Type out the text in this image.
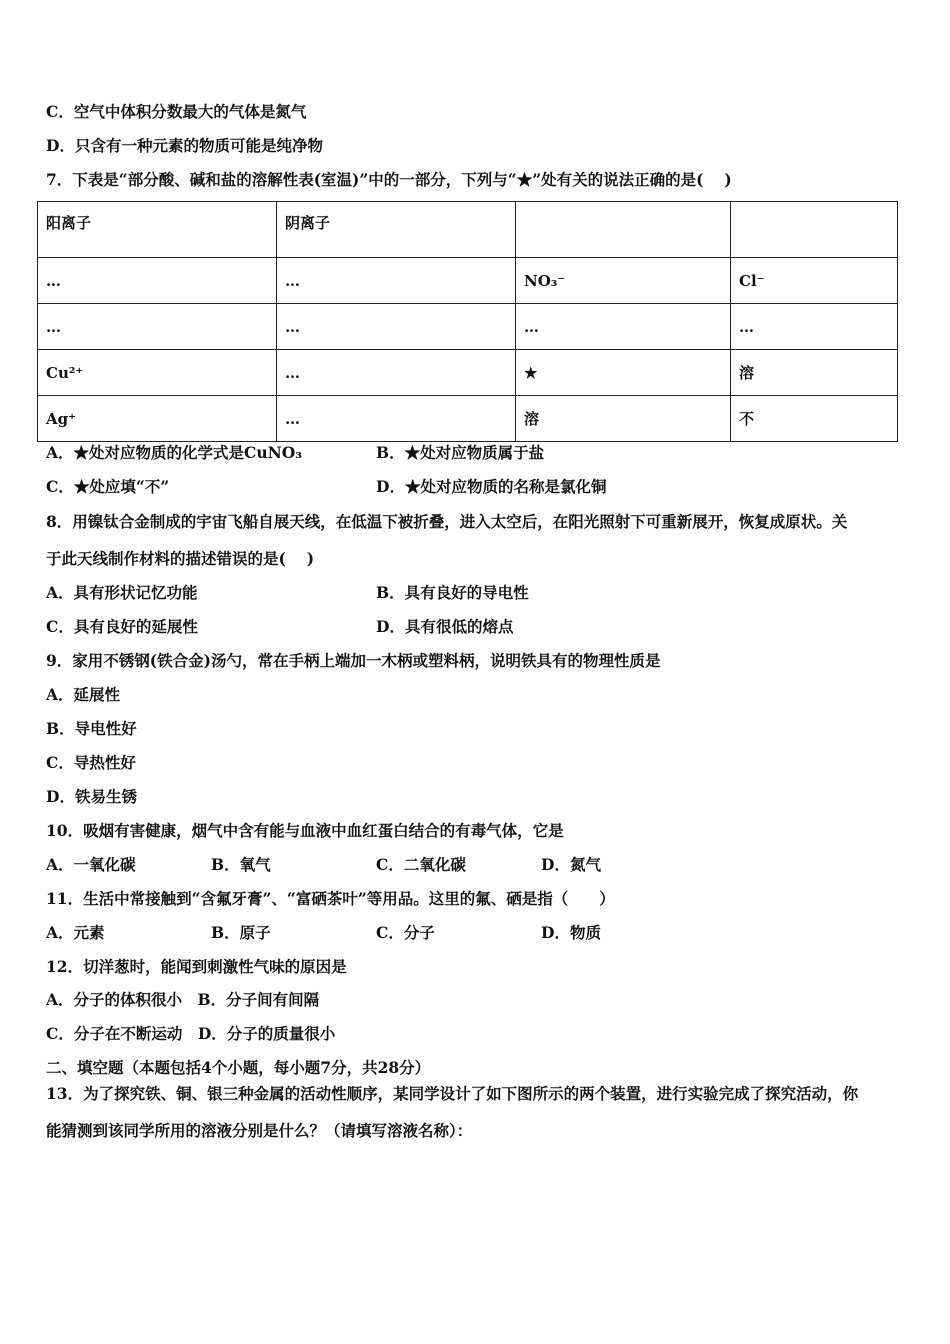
C．空气中体积分数最大的气体是氮气
D．只含有一种元素的物质可能是纯净物
7．下表是“部分酸、碱和盐的溶解性表(室温)”中的一部分，下列与“★”处有关的说法正确的是(　 )
阳离子	阴离子		
…	…	NO₃⁻	Cl⁻
…	…	…	…
Cu²⁺	…	★	溶
Ag⁺	…	溶	不
A．★处对应物质的化学式是CuNO₃	B．★处对应物质属于盐
C．★处应填“不”	D．★处对应物质的名称是氯化铜
8．用镍钛合金制成的宇宙飞船自展天线，在低温下被折叠，进入太空后，在阳光照射下可重新展开，恢复成原状。关
于此天线制作材料的描述错误的是(　 )
A．具有形状记忆功能	B．具有良好的导电性
C．具有良好的延展性	D．具有很低的熔点
9．家用不锈钢(铁合金)汤勺，常在手柄上端加一木柄或塑料柄，说明铁具有的物理性质是
A．延展性
B．导电性好
C．导热性好
D．铁易生锈
10．吸烟有害健康，烟气中含有能与血液中血红蛋白结合的有毒气体，它是
A．一氧化碳	B．氧气	C．二氧化碳	D．氮气
11．生活中常接触到“含氟牙膏”、“富硒茶叶”等用品。这里的氟、硒是指（　　）
A．元素	B．原子	C．分子	D．物质
12．切洋葱时，能闻到刺激性气味的原因是
A．分子的体积很小　B．分子间有间隔
C．分子在不断运动　D．分子的质量很小
二、填空题（本题包括4个小题，每小题7分，共28分）
13．为了探究铁、铜、银三种金属的活动性顺序，某同学设计了如下图所示的两个装置，进行实验完成了探究活动，你
能猜测到该同学所用的溶液分别是什么？（请填写溶液名称）：
